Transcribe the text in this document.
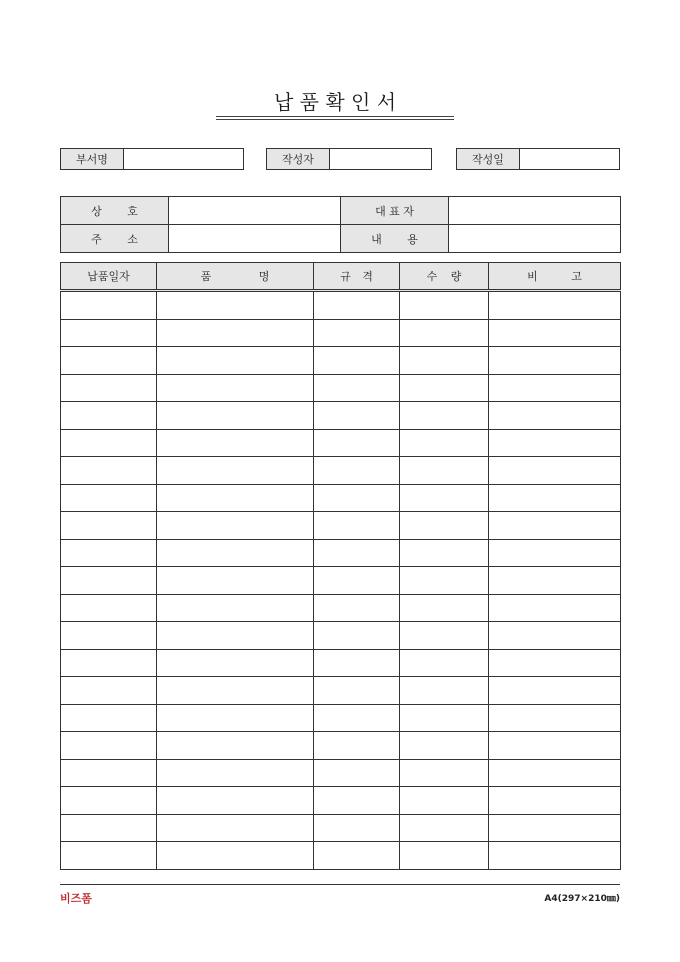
납 품 확 인 서
부서명	작성자	작성일
상 호		대 표 자	
주 소		내 용	
납품일자	품 명	규 격	수 량	비 고

비즈폼	A4(297×210㎜)
